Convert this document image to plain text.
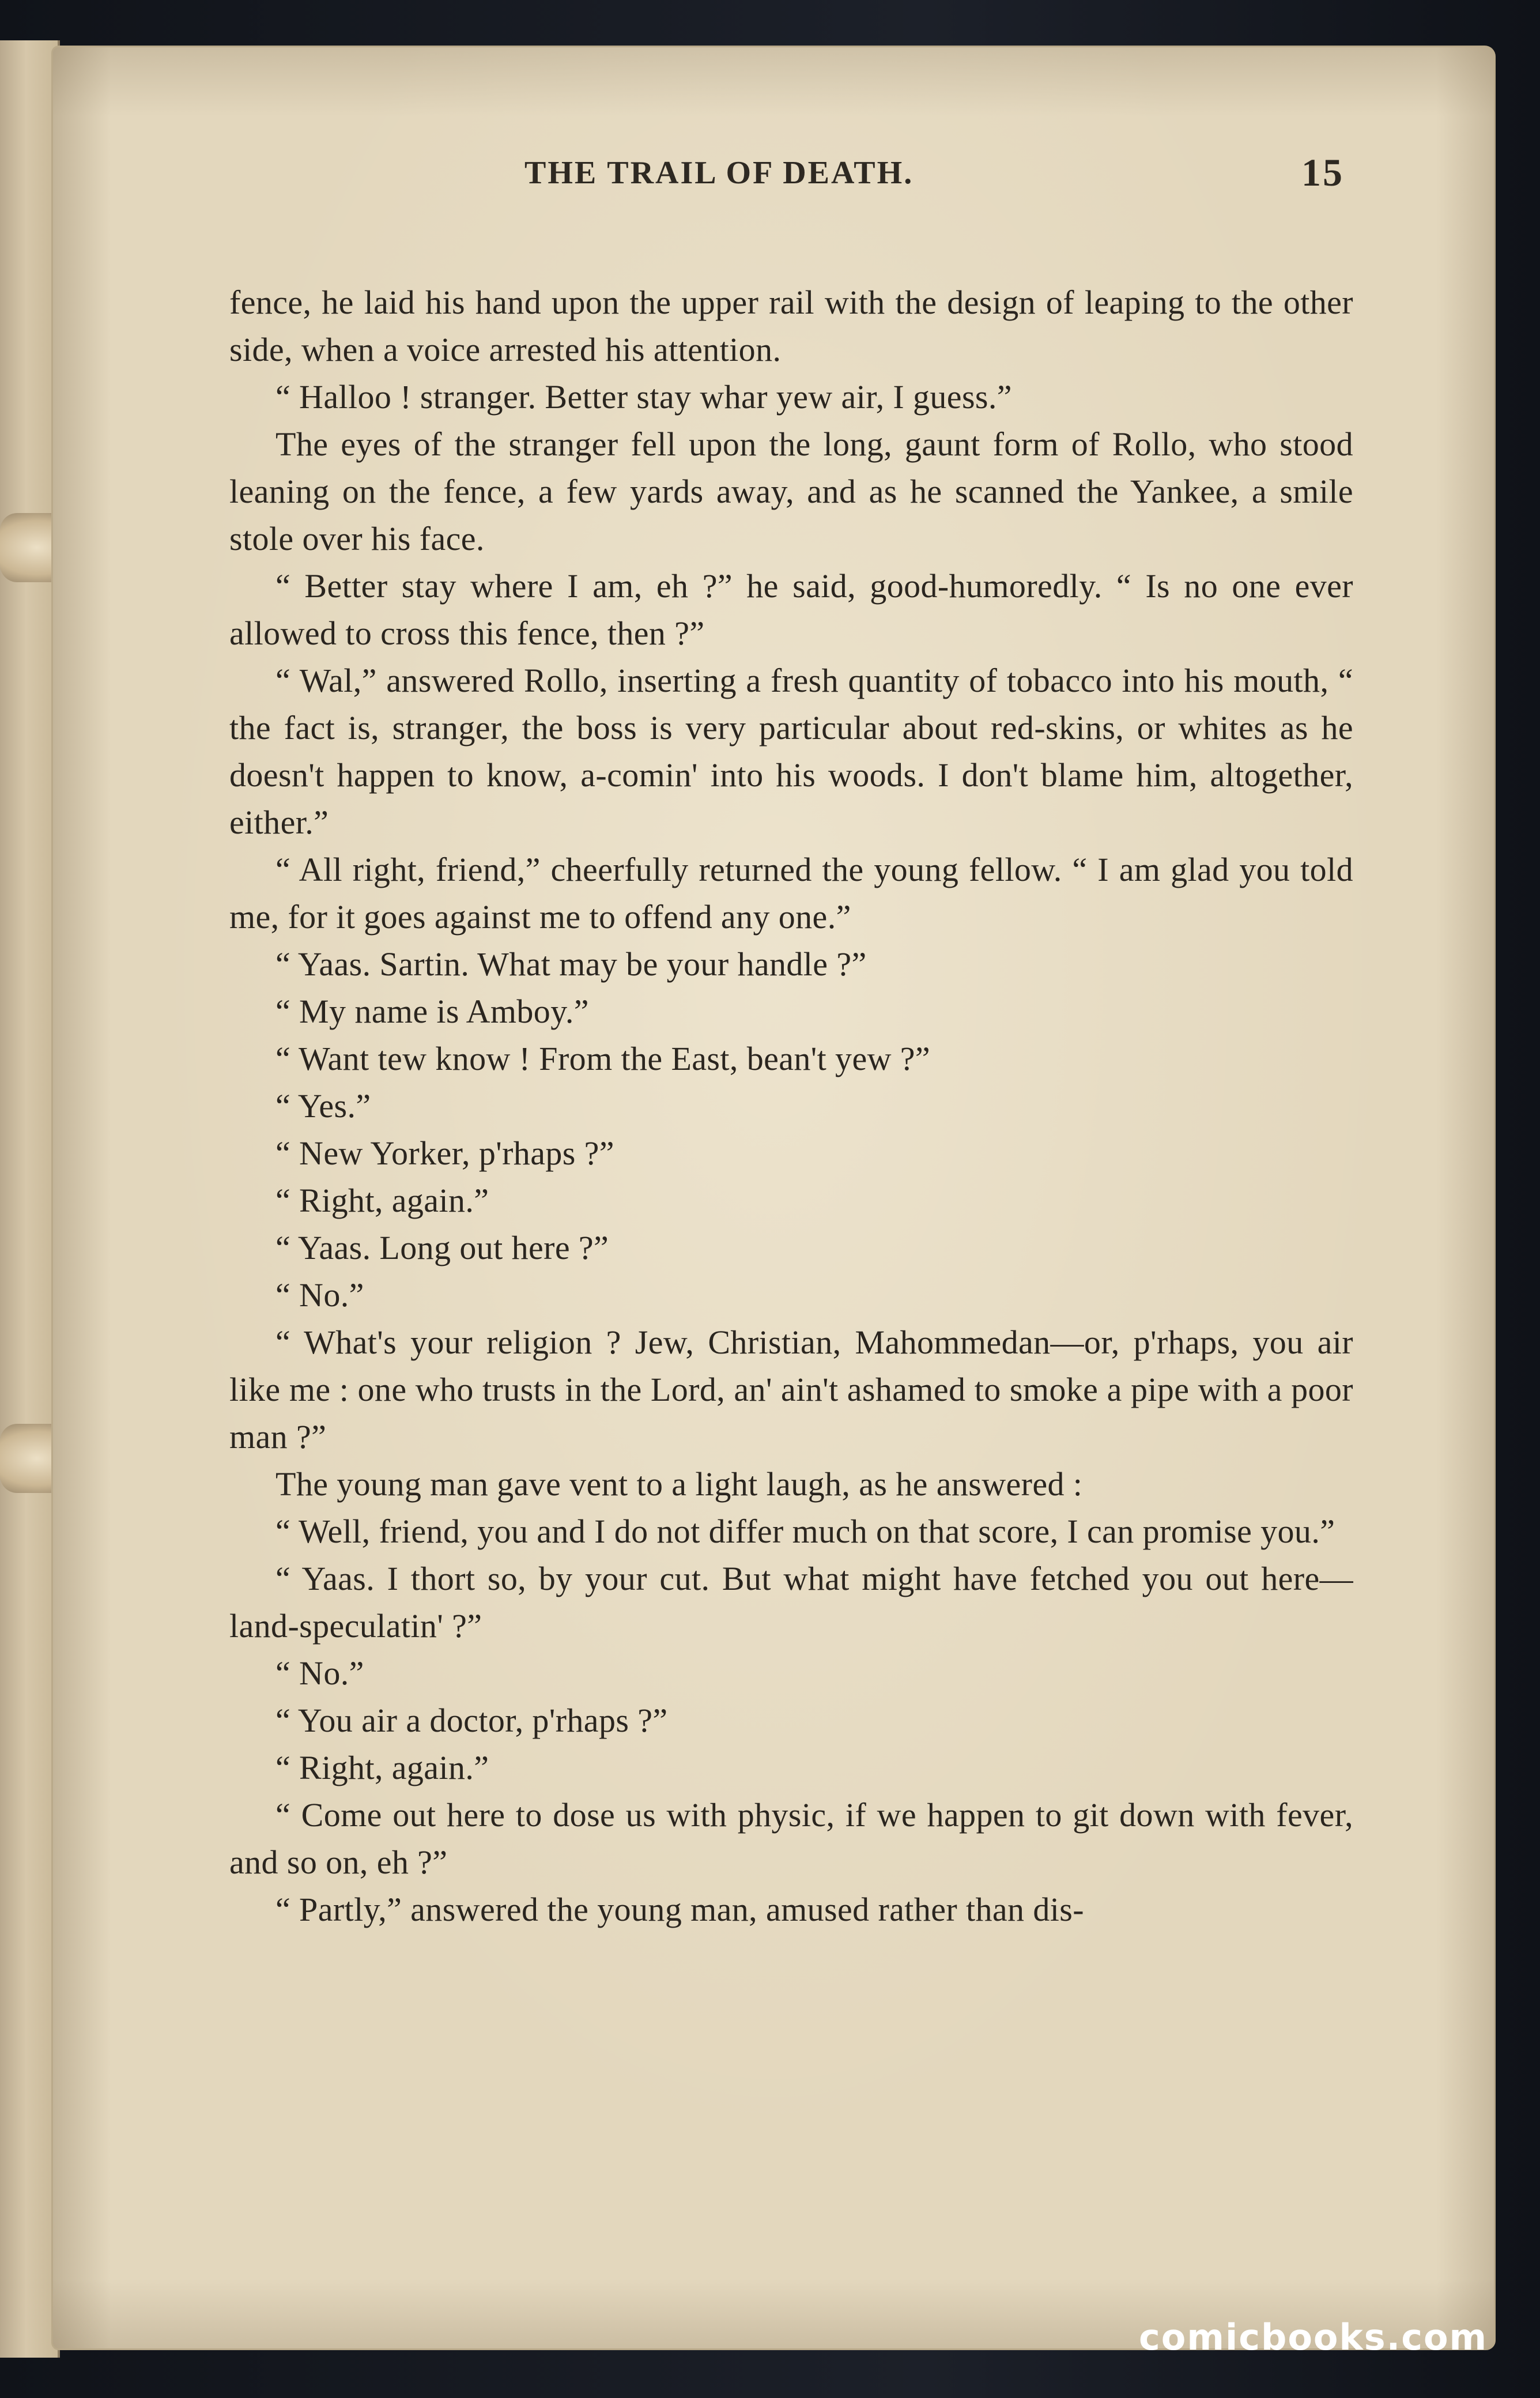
THE TRAIL OF DEATH.	15

fence, he laid his hand upon the upper rail with the design of leaping to the other side, when a voice arrested his attention.

“ Halloo ! stranger. Better stay whar yew air, I guess.”

The eyes of the stranger fell upon the long, gaunt form of Rollo, who stood leaning on the fence, a few yards away, and as he scanned the Yankee, a smile stole over his face.

“ Better stay where I am, eh ?” he said, good-humoredly. “ Is no one ever allowed to cross this fence, then ?”

“ Wal,” answered Rollo, inserting a fresh quantity of tobacco into his mouth, “ the fact is, stranger, the boss is very particular about red-skins, or whites as he doesn't happen to know, a-comin' into his woods. I don't blame him, altogether, either.”

“ All right, friend,” cheerfully returned the young fellow. “ I am glad you told me, for it goes against me to offend any one.”

“ Yaas. Sartin. What may be your handle ?”

“ My name is Amboy.”

“ Want tew know ! From the East, bean't yew ?”

“ Yes.”

“ New Yorker, p'rhaps ?”

“ Right, again.”

“ Yaas. Long out here ?”

“ No.”

“ What's your religion ? Jew, Christian, Mahommedan—or, p'rhaps, you air like me : one who trusts in the Lord, an' ain't ashamed to smoke a pipe with a poor man ?”

The young man gave vent to a light laugh, as he answered :

“ Well, friend, you and I do not differ much on that score, I can promise you.”

“ Yaas. I thort so, by your cut. But what might have fetched you out here—land-speculatin' ?”

“ No.”

“ You air a doctor, p'rhaps ?”

“ Right, again.”

“ Come out here to dose us with physic, if we happen to git down with fever, and so on, eh ?”

“ Partly,” answered the young man, amused rather than dis-

comicbooks.com
